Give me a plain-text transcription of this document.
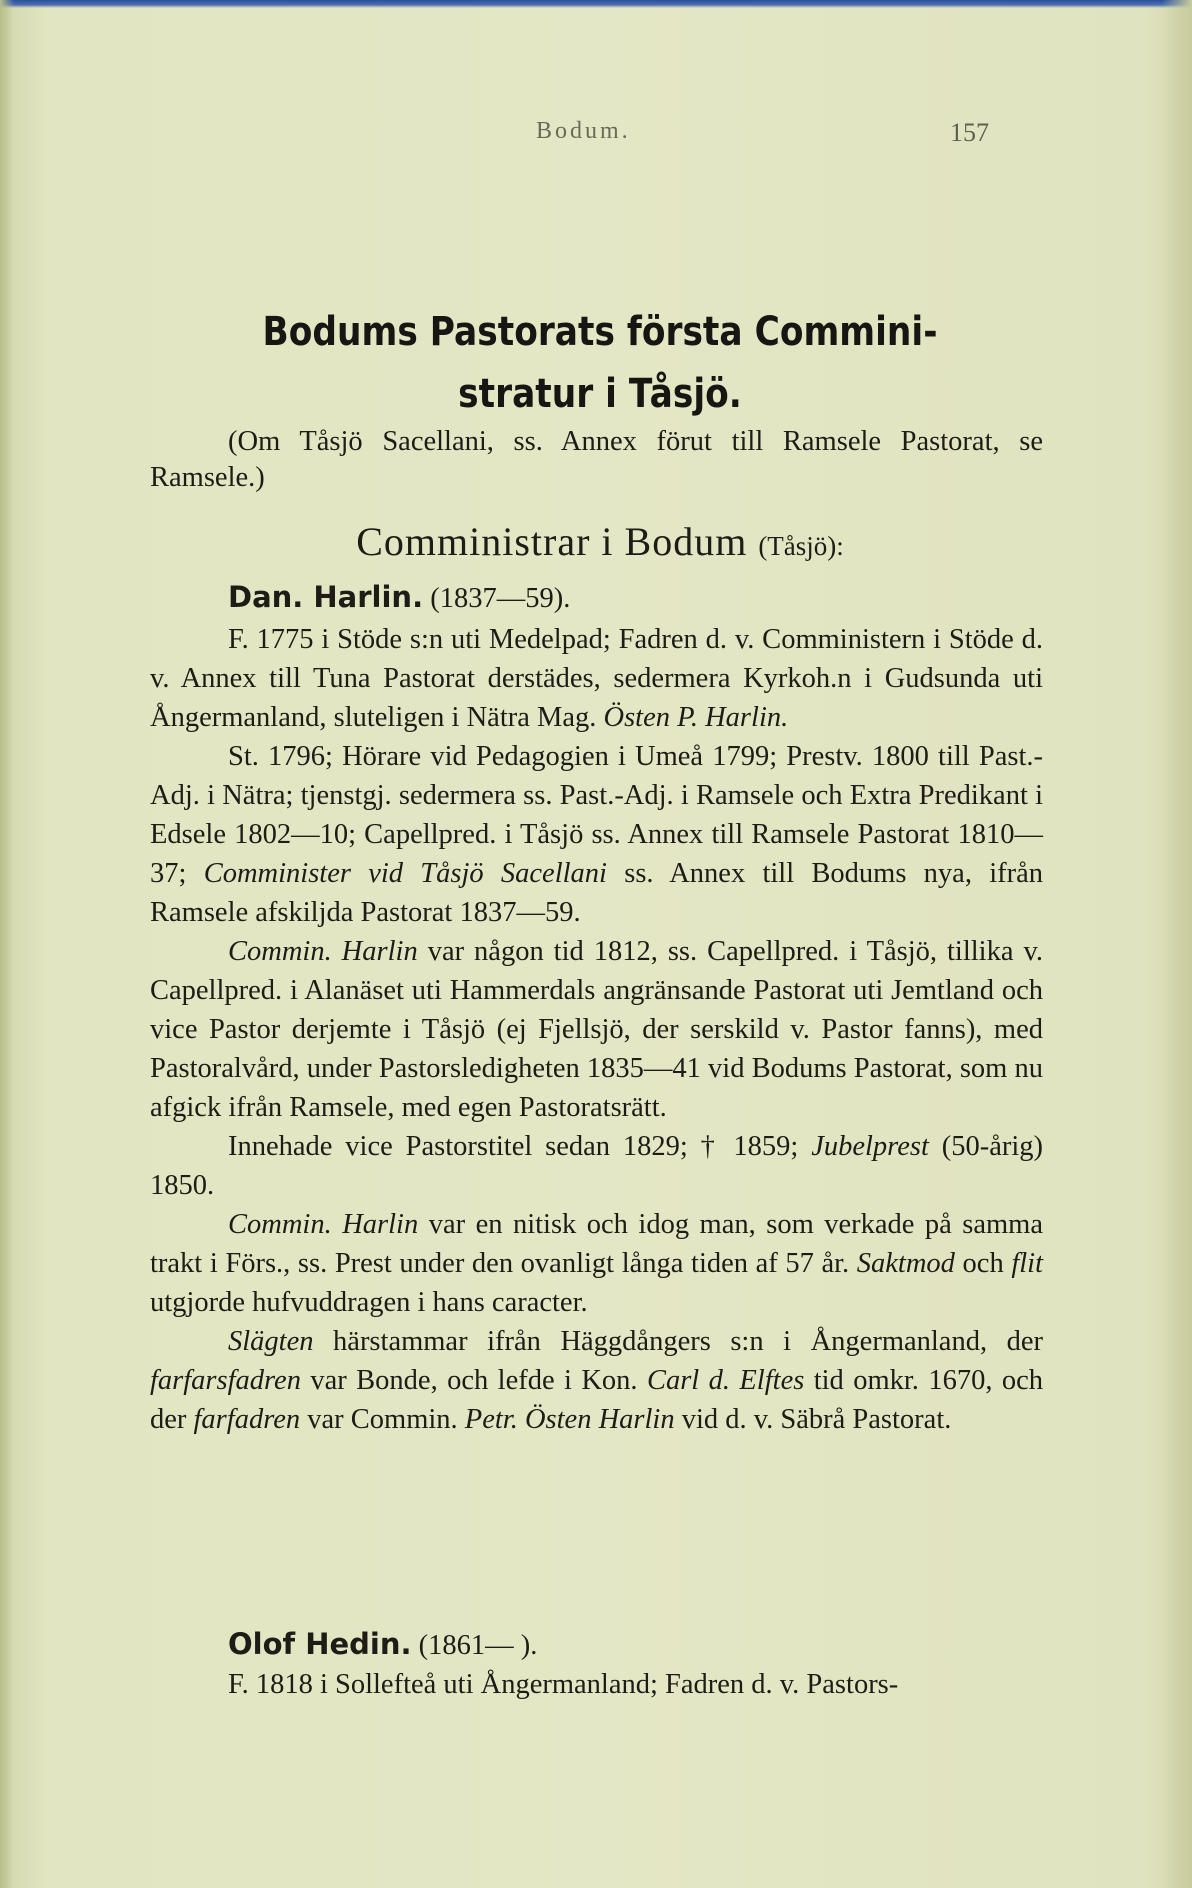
Bodum.	157
Bodums Pastorats första Commini-
stratur i Tåsjö.
(Om Tåsjö Sacellani, ss. Annex förut till Ramsele Pastorat, se Ramsele.)
Comministrar i Bodum (Tåsjö):

Dan. Harlin. (1837—59).

F. 1775 i Stöde s:n uti Medelpad; Fadren d. v. Comministern i Stöde d. v. Annex till Tuna Pastorat derstädes, sedermera Kyrkoh.n i Gudsunda uti Ångermanland, sluteligen i Nätra Mag. Östen P. Harlin.

St. 1796; Hörare vid Pedagogien i Umeå 1799; Prestv. 1800 till Past.-Adj. i Nätra; tjenstgj. sedermera ss. Past.-Adj. i Ramsele och Extra Predikant i Edsele 1802—10; Capellpred. i Tåsjö ss. Annex till Ramsele Pastorat 1810—37; Comminister vid Tåsjö Sacellani ss. Annex till Bodums nya, ifrån Ramsele afskiljda Pastorat 1837—59.

Commin. Harlin var någon tid 1812, ss. Capellpred. i Tåsjö, tillika v. Capellpred. i Alanäset uti Hammerdals angränsande Pastorat uti Jemtland och vice Pastor derjemte i Tåsjö (ej Fjellsjö, der serskild v. Pastor fanns), med Pastoralvård, under Pastorsledigheten 1835—41 vid Bodums Pastorat, som nu afgick ifrån Ramsele, med egen Pastoratsrätt.

Innehade vice Pastorstitel sedan 1829; † 1859; Jubelprest (50-årig) 1850.

Commin. Harlin var en nitisk och idog man, som verkade på samma trakt i Förs., ss. Prest under den ovanligt långa tiden af 57 år. Saktmod och flit utgjorde hufvuddragen i hans caracter.

Slägten härstammar ifrån Häggdångers s:n i Ångermanland, der farfarsfadren var Bonde, och lefde i Kon. Carl d. Elftes tid omkr. 1670, och der farfadren var Commin. Petr. Östen Harlin vid d. v. Säbrå Pastorat.

Olof Hedin. (1861— ).

F. 1818 i Sollefteå uti Ångermanland; Fadren d. v. Pastors-
